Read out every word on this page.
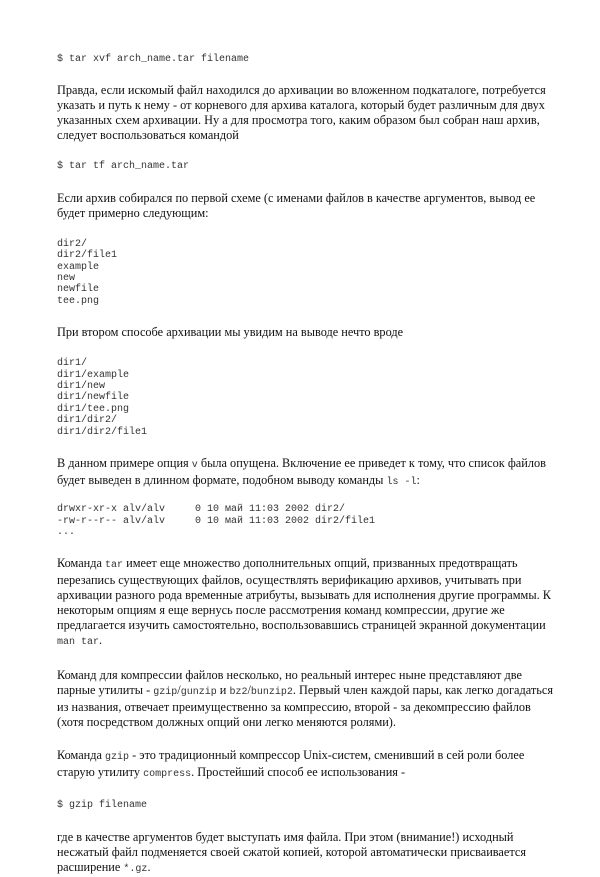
$ tar xvf arch_name.tar filename

Правда, если искомый файл находился до архивации во вложенном подкаталоге, потребуется указать и путь к нему - от корневого для архива каталога, который будет различным для двух указанных схем архивации. Ну а для просмотра того, каким образом был собран наш архив, следует воспользоваться командой

$ tar tf arch_name.tar

Если архив собирался по первой схеме (с именами файлов в качестве аргументов, вывод ее будет примерно следующим:

dir2/
dir2/file1
example
new
newfile
tee.png

При втором способе архивации мы увидим на выводе нечто вроде

dir1/
dir1/example
dir1/new
dir1/newfile
dir1/tee.png
dir1/dir2/
dir1/dir2/file1

В данном примере опция v была опущена. Включение ее приведет к тому, что список файлов будет выведен в длинном формате, подобном выводу команды ls -l:

drwxr-xr-x alv/alv     0 10 май 11:03 2002 dir2/
-rw-r--r-- alv/alv     0 10 май 11:03 2002 dir2/file1
...

Команда tar имеет еще множество дополнительных опций, призванных предотвращать перезапись существующих файлов, осуществлять верификацию архивов, учитывать при архивации разного рода временные атрибуты, вызывать для исполнения другие программы. К некоторым опциям я еще вернусь после рассмотрения команд компрессии, другие же предлагается изучить самостоятельно, воспользовавшись страницей экранной документации man tar.

Команд для компрессии файлов несколько, но реальный интерес ныне представляют две парные утилиты - gzip/gunzip и bz2/bunzip2. Первый член каждой пары, как легко догадаться из названия, отвечает преимущественно за компрессию, второй - за декомпрессию файлов (хотя посредством должных опций они легко меняются ролями).

Команда gzip - это традиционный компрессор Unix-систем, сменивший в сей роли более старую утилиту compress. Простейший способ ее использования -

$ gzip filename

где в качестве аргументов будет выступать имя файла. При этом (внимание!) исходный несжатый файл подменяется своей сжатой копией, которой автоматически присваивается расширение *.gz.
